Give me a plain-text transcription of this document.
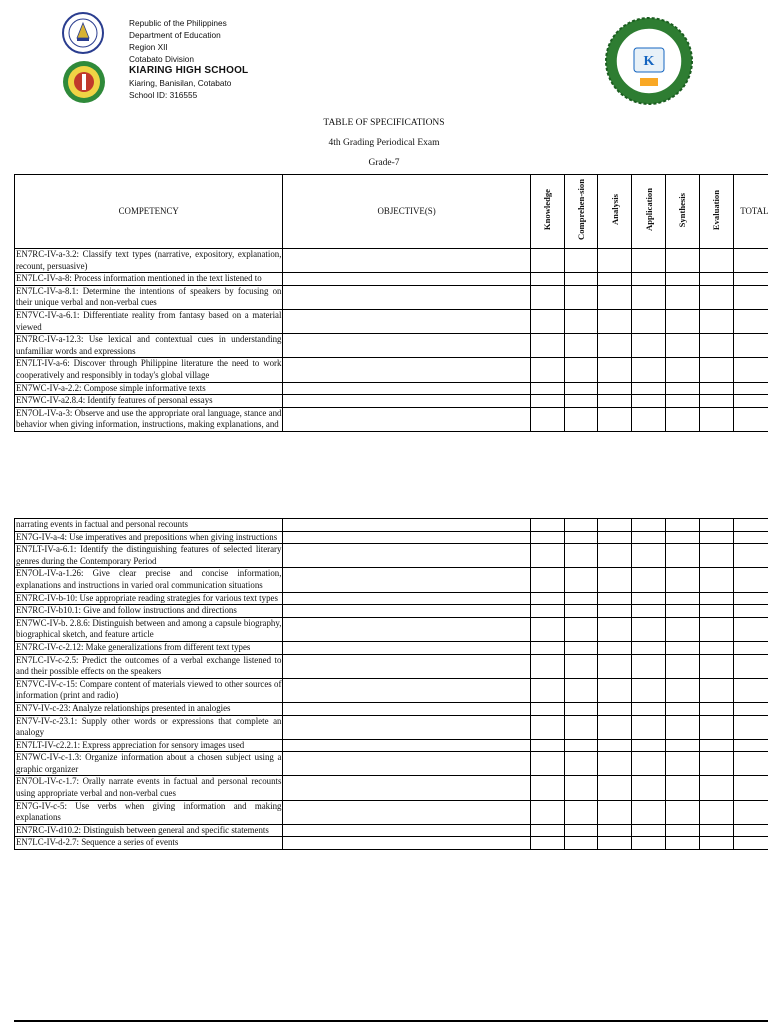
Republic of the Philippines
Department of Education
Region XII
Cotabato Division
KIARING HIGH SCHOOL
Kiaring, Banisilan, Cotabato
School ID: 316555
K
TABLE OF SPECIFICATIONS
4th Grading Periodical Exam
Grade-7
COMPETENCY	OBJECTIVE(S)	Knowledge	Comprehen-sion	Analysis	Application	Synthesis	Evaluation	TOTAL
EN7RC-IV-a-3.2: Classify text types (narrative, expository, explanation, recount, persuasive)								
EN7LC-IV-a-8: Process information mentioned in the text listened to								
EN7LC-IV-a-8.1: Determine the intentions of speakers by focusing on their unique verbal and non-verbal cues								
EN7VC-IV-a-6.1: Differentiate reality from fantasy based on a material viewed								
EN7RC-IV-a-12.3: Use lexical and contextual cues in understanding unfamiliar words and expressions								
EN7LT-IV-a-6: Discover through Philippine literature the need to work cooperatively and responsibly in today's global village								
EN7WC-IV-a-2.2: Compose simple informative texts								
EN7WC-IV-a2.8.4: Identify features of personal essays								
EN7OL-IV-a-3: Observe and use the appropriate oral language, stance and behavior when giving information, instructions, making explanations, and								
narrating events in factual and personal recounts								
EN7G-IV-a-4: Use imperatives and prepositions when giving instructions								
EN7LT-IV-a-6.1: Identify the distinguishing features of selected literary genres during the Contemporary Period								
EN7OL-IV-a-1.26: Give clear precise and concise information, explanations and instructions in varied oral communication situations								
EN7RC-IV-b-10: Use appropriate reading strategies for various text types								
EN7RC-IV-b10.1: Give and follow instructions and directions								
EN7WC-IV-b. 2.8.6: Distinguish between and among a capsule biography, biographical sketch, and feature article								
EN7RC-IV-c-2.12: Make generalizations from different text types								
EN7LC-IV-c-2.5: Predict the outcomes of a verbal exchange listened to and their possible effects on the speakers								
EN7VC-IV-c-15: Compare content of materials viewed to other sources of information (print and radio)								
EN7V-IV-c-23: Analyze relationships presented in analogies								
EN7V-IV-c-23.1: Supply other words or expressions that complete an analogy								
EN7LT-IV-c2.2.1: Express appreciation for sensory images used								
EN7WC-IV-c-1.3: Organize information about a chosen subject using a graphic organizer								
EN7OL-IV-c-1.7: Orally narrate events in factual and personal recounts using appropriate verbal and non-verbal cues								
EN7G-IV-c-5: Use verbs when giving information and making explanations								
EN7RC-IV-d10.2: Distinguish between general and specific statements								
EN7LC-IV-d-2.7: Sequence a series of events								
